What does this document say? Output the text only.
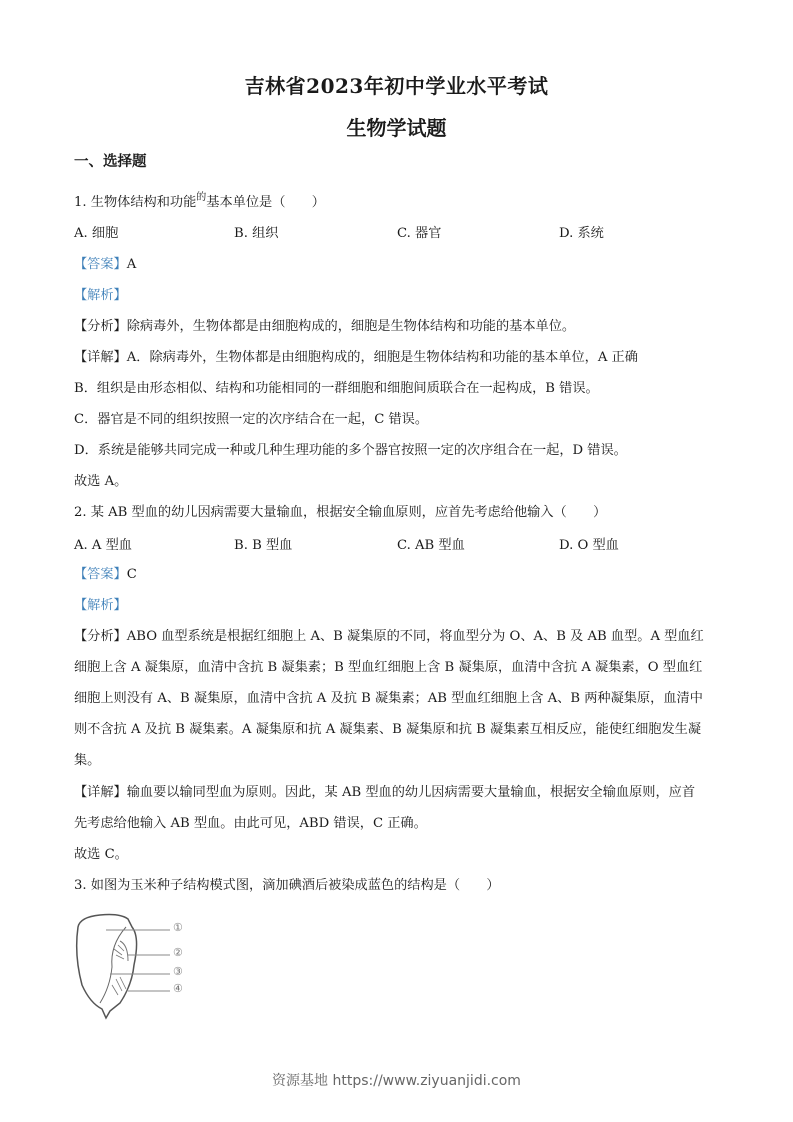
吉林省2023年初中学业水平考试
生物学试题
一、选择题
1. 生物体结构和功能$^的$基本单位是（　　）
A. 细胞	B. 组织	C. 器官	D. 系统
【答案】A
【解析】
【分析】除病毒外，生物体都是由细胞构成的，细胞是生物体结构和功能的基本单位。
【详解】A．除病毒外，生物体都是由细胞构成的，细胞是生物体结构和功能的基本单位，A 正确
B．组织是由形态相似、结构和功能相同的一群细胞和细胞间质联合在一起构成，B 错误。
C．器官是不同的组织按照一定的次序结合在一起，C 错误。
D．系统是能够共同完成一种或几种生理功能的多个器官按照一定的次序组合在一起，D 错误。
故选 A。
2. 某 AB 型血的幼儿因病需要大量输血，根据安全输血原则，应首先考虑给他输入（　　）
A. A 型血	B. B 型血	C. AB 型血	D. O 型血
【答案】C
【解析】
【分析】ABO 血型系统是根据红细胞上 A、B 凝集原的不同，将血型分为 O、A、B 及 AB 血型。A 型血红
细胞上含 A 凝集原，血清中含抗 B 凝集素；B 型血红细胞上含 B 凝集原，血清中含抗 A 凝集素，O 型血红
细胞上则没有 A、B 凝集原，血清中含抗 A 及抗 B 凝集素；AB 型血红细胞上含 A、B 两种凝集原，血清中
则不含抗 A 及抗 B 凝集素。A 凝集原和抗 A 凝集素、B 凝集原和抗 B 凝集素互相反应，能使红细胞发生凝
集。
【详解】输血要以输同型血为原则。因此，某 AB 型血的幼儿因病需要大量输血，根据安全输血原则，应首
先考虑给他输入 AB 型血。由此可见，ABD 错误，C 正确。
故选 C。
3. 如图为玉米种子结构模式图，滴加碘酒后被染成蓝色的结构是（　　）
①
②
③
④
资源基地 https://www.ziyuanjidi.com
